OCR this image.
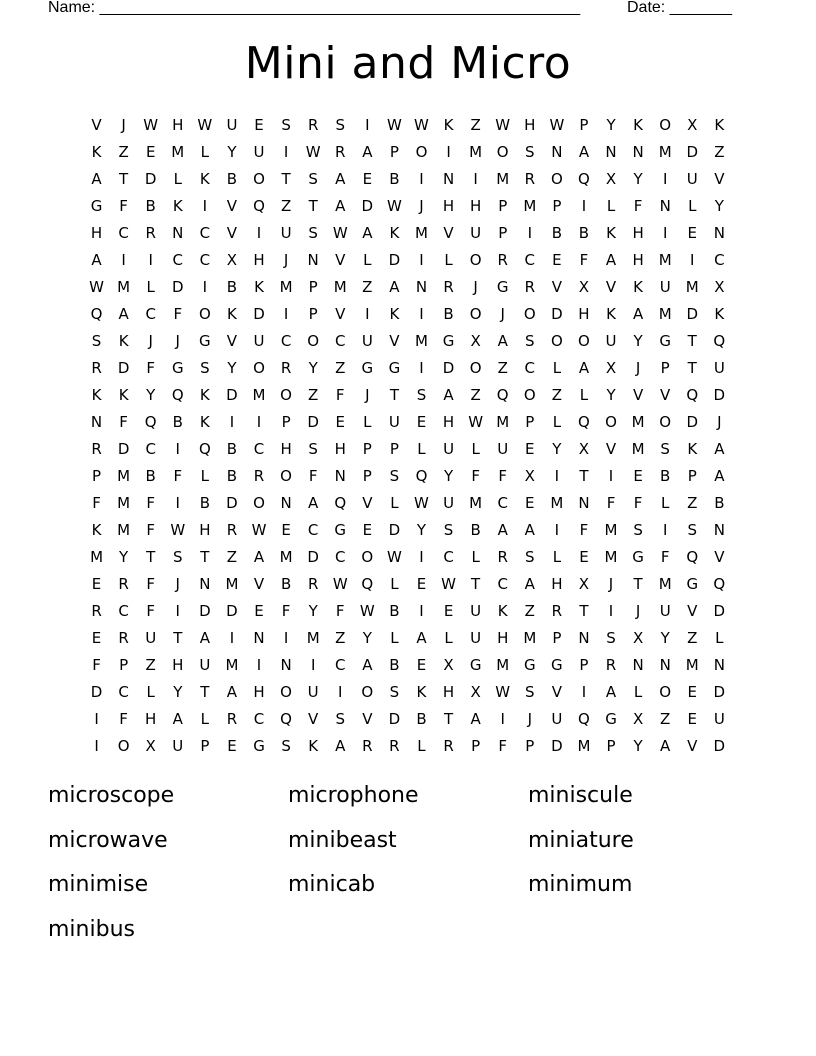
Name: ______________________________________________________	Date: _______
Mini and Micro
V	J	W H W U	E	S	R	S	I	W W K	Z W H W	P	Y	K	O	X	K
K	Z	E	M	L	Y	U	I	W R	A	P	O	I	M O	S	N	A	N	N M D	Z
A	T	D	L	K	B	O	T	S	A	E	B	I	N	I	M	R	O	Q	X	Y	I	U	V
G	F	B	K	I	V	Q	Z	T	A	D W	J	H	H	P	M	P	I	L	F	N	L	Y
H	C	R	N	C	V	I	U	S W A	K	M	V	U	P	I	B	B	K	H	I	E	N
A	I	I	C	C	X	H	J	N	V	L	D	I	L	O	R	C	E	F	A	H M	I	C
W M	L	D	I	B	K	M	P	M	Z	A	N	R	J	G	R	V	X	V	K	U	M	X
Q	A	C	F	O	K	D	I	P	V	I	K	I	B	O	J	O	D	H	K	A	M D	K
S	K	J	J	G	V	U	C	O	C	U	V	M G	X	A	S	O	O	U	Y	G	T	Q
R	D	F	G	S	Y	O	R	Y	Z	G	G	I	D	O	Z	C	L	A	X	J	P	T	U
K	K	Y	Q	K	D M O	Z	F	J	T	S	A	Z	Q	O	Z	L	Y	V	V	Q	D
N	F	Q	B	K	I	I	P	D	E	L	U	E	H W M	P	L	Q	O M O	D	J
R	D	C	I	Q	B	C	H	S	H	P	P	L	U	L	U	E	Y	X	V	M	S	K	A
P	M	B	F	L	B	R	O	F	N	P	S	Q	Y	F	F	X	I	T	I	E	B	P	A
F	M	F	I	B	D	O	N	A	Q	V	L	W U	M	C	E	M N	F	F	L	Z	B
K	M	F	W H	R W E	C	G	E	D	Y	S	B	A	A	I	F	M	S	I	S	N
M	Y	T	S	T	Z	A	M D	C	O W	I	C	L	R	S	L	E	M G	F	Q	V
E	R	F	J	N M	V	B	R W Q	L	E W	T	C	A	H	X	J	T	M G	Q
R	C	F	I	D	D	E	F	Y	F	W B	I	E	U	K	Z	R	T	I	J	U	V	D
E	R	U	T	A	I	N	I	M	Z	Y	L	A	L	U	H M	P	N	S	X	Y	Z	L
F	P	Z	H	U	M	I	N	I	C	A	B	E	X	G M G	G	P	R	N	N M N
D	C	L	Y	T	A	H	O	U	I	O	S	K	H	X W S	V	I	A	L	O	E	D
I	F	H	A	L	R	C	Q	V	S	V	D	B	T	A	I	J	U	Q	G	X	Z	E	U
I	O	X	U	P	E	G	S	K	A	R	R	L	R	P	F	P	D M	P	Y	A	V	D
microscope	microphone	miniscule
microwave	minibeast	miniature
minimise	minicab	minimum
minibus
